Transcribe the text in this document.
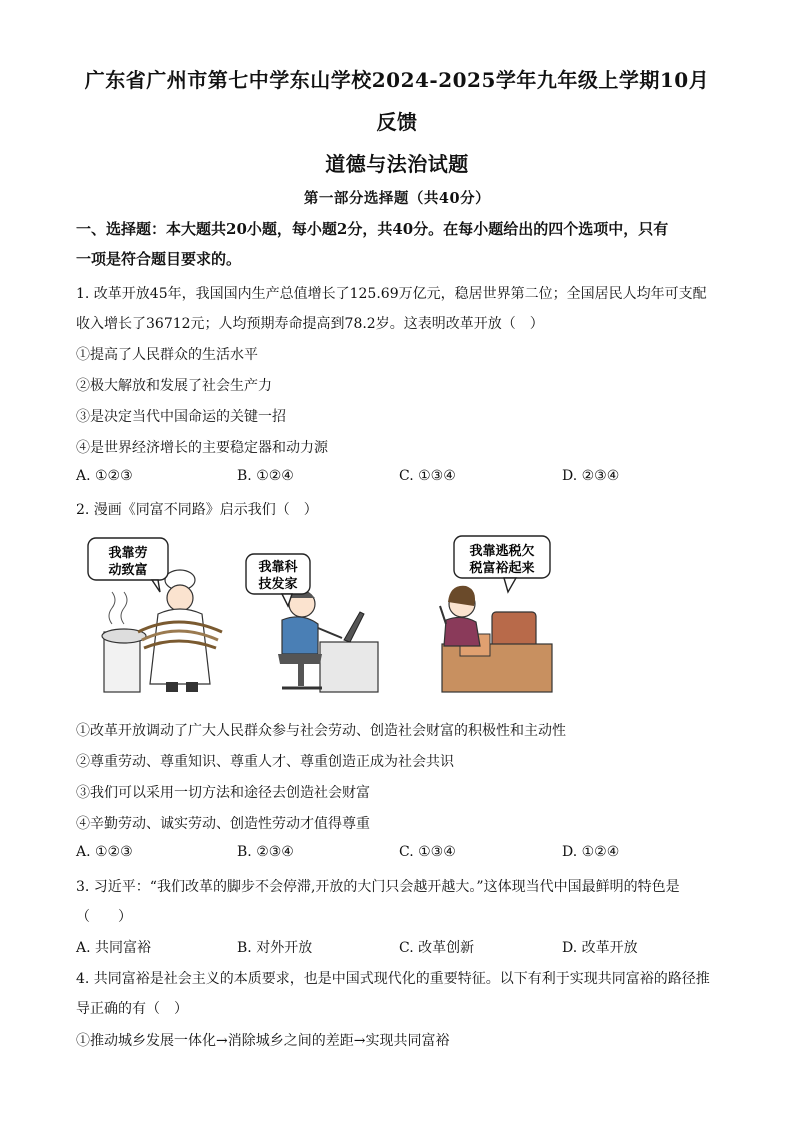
广东省广州市第七中学东山学校2024-2025学年九年级上学期10月
反馈
道德与法治试题
第一部分选择题（共40分）
一、选择题：本大题共20小题，每小题2分，共40分。在每小题给出的四个选项中，只有
一项是符合题目要求的。
1. 改革开放45年，我国国内生产总值增长了125.69万亿元，稳居世界第二位；全国居民人均年可支配
收入增长了36712元；人均预期寿命提高到78.2岁。这表明改革开放（　）
①提高了人民群众的生活水平
②极大解放和发展了社会生产力
③是决定当代中国命运的关键一招
④是世界经济增长的主要稳定器和动力源
A. ①②③	B. ①②④	C. ①③④	D. ②③④
2. 漫画《同富不同路》启示我们（　）
我靠劳
动致富	我靠科
技发家
我靠逃税欠
税富裕起来
①改革开放调动了广大人民群众参与社会劳动、创造社会财富的积极性和主动性
②尊重劳动、尊重知识、尊重人才、尊重创造正成为社会共识
③我们可以采用一切方法和途径去创造社会财富
④辛勤劳动、诚实劳动、创造性劳动才值得尊重
A. ①②③	B. ②③④	C. ①③④	D. ①②④
3. 习近平：“我们改革的脚步不会停滞,开放的大门只会越开越大。”这体现当代中国最鲜明的特色是
（　　）
A. 共同富裕	B. 对外开放	C. 改革创新	D. 改革开放
4. 共同富裕是社会主义的本质要求，也是中国式现代化的重要特征。以下有利于实现共同富裕的路径推
导正确的有（　）
①推动城乡发展一体化→消除城乡之间的差距→实现共同富裕
